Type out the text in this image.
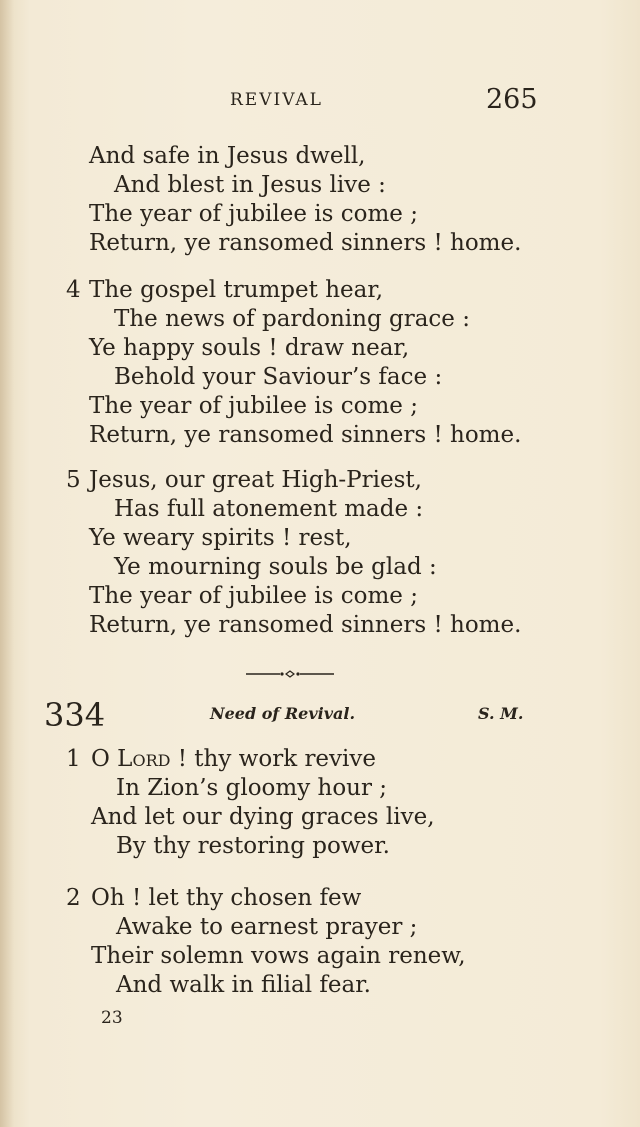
REVIVAL	265
And safe in Jesus dwell,
And blest in Jesus live :
The year of jubilee is come ;
Return, ye ransomed sinners ! home.
4 The gospel trumpet hear,
The news of pardoning grace :
Ye happy souls ! draw near,
Behold your Saviour’s face :
The year of jubilee is come ;
Return, ye ransomed sinners ! home.
5 Jesus, our great High-Priest,
Has full atonement made :
Ye weary spirits ! rest,
Ye mourning souls be glad :
The year of jubilee is come ;
Return, ye ransomed sinners ! home.
334	Need of Revival.	S. M.
1 O Lord ! thy work revive
In Zion’s gloomy hour ;
And let our dying graces live,
By thy restoring power.
2 Oh ! let thy chosen few
Awake to earnest prayer ;
Their solemn vows again renew,
And walk in filial fear.
23
